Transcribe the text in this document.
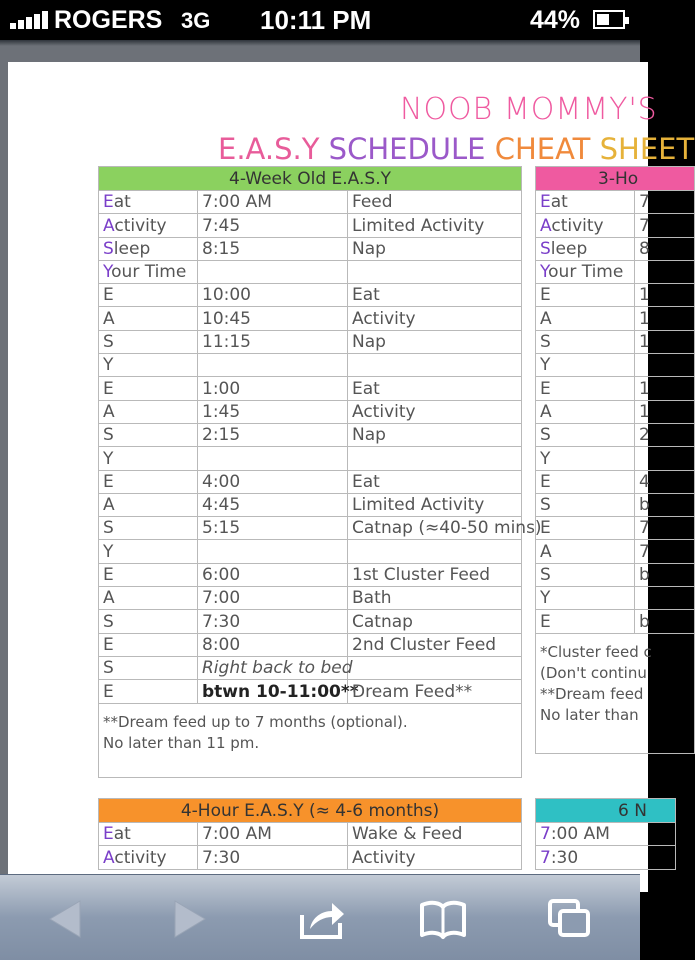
ROGERS 3G 10:11 PM	44%
NOOB MOMMY'S
E.A.S.Y SCHEDULE CHEAT SHEET
4-Week Old E.A.S.Y		
Eat	7:00 AM	Feed
Activity	7:45	Limited Activity
Sleep	8:15	Nap
Your Time		
E	10:00	Eat
A	10:45	Activity
S	11:15	Nap
Y		
E	1:00	Eat
A	1:45	Activity
S	2:15	Nap
Y		
E	4:00	Eat
A	4:45	Limited Activity
S	5:15	Catnap (≈40-50 mins)
Y		
E	6:00	1st Cluster Feed
A	7:00	Bath
S	7:30	Catnap
E	8:00	2nd Cluster Feed
S	Right back to bed	
E	btwn 10-11:00**	Dream Feed**

**Dream feed up to 7 months (optional).
No later than 11 pm.		
3-Ho	
Eat	7
Activity	7
Sleep	8
Your Time	
E	1
A	1
S	1
Y	
E	1
A	1
S	2
Y	
E	4
S	b
E	7
A	7
S	b
Y	
E	b

*Cluster feed c
(Don't continu
**Dream feed
No later than	
4-Hour E.A.S.Y (≈ 4-6 months)		
Eat	7:00 AM	Wake & Feed
Activity	7:30	Activity
6 N
7:00 AM
7:30
